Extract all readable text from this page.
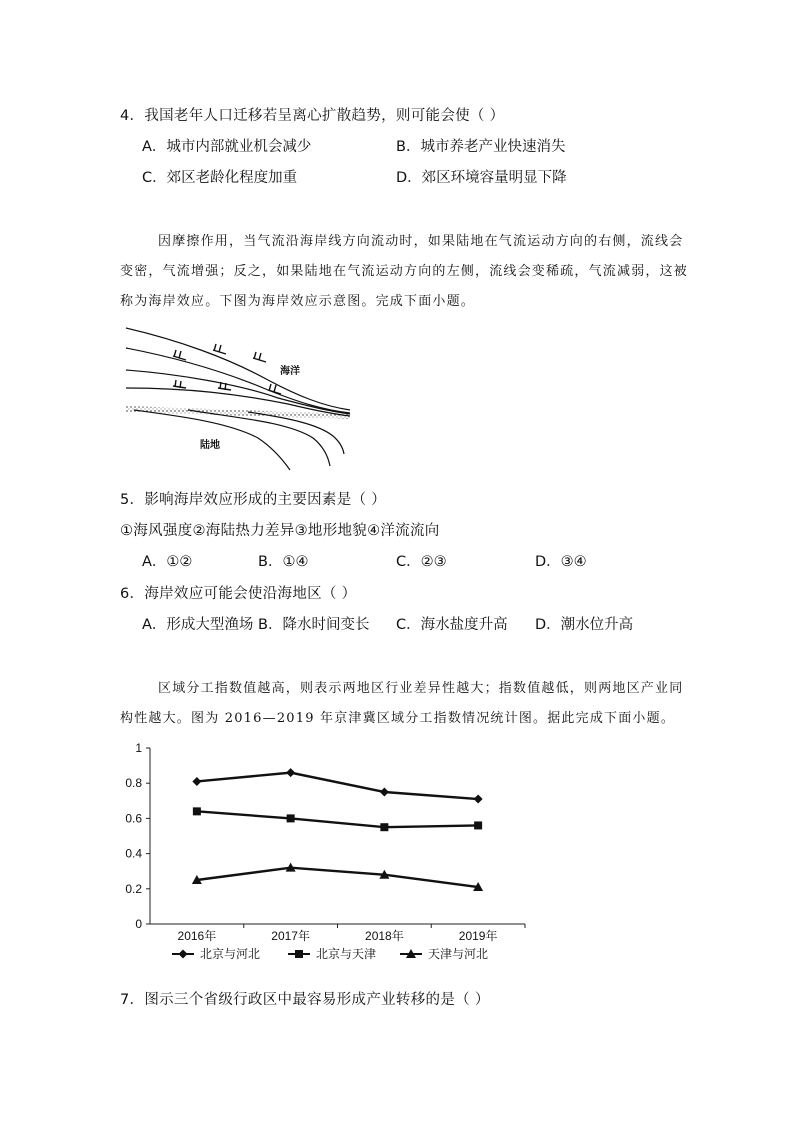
4．我国老年人口迁移若呈离心扩散趋势，则可能会使（ ）
A．城市内部就业机会减少	B．城市养老产业快速消失
C．郊区老龄化程度加重	D．郊区环境容量明显下降
因摩擦作用，当气流沿海岸线方向流动时，如果陆地在气流运动方向的右侧，流线会
变密，气流增强；反之，如果陆地在气流运动方向的左侧，流线会变稀疏，气流减弱，这被
称为海岸效应。下图为海岸效应示意图。完成下面小题。
海洋
陆地
5．影响海岸效应形成的主要因素是（ ）
①海风强度②海陆热力差异③地形地貌④洋流流向
A．①②	B．①④	C．②③	D．③④
6．海岸效应可能会使沿海地区（ ）
A．形成大型渔场 B．降水时间变长 C．海水盐度升高 D．潮水位升高
区域分工指数值越高，则表示两地区行业差异性越大；指数值越低，则两地区产业同
构性越大。图为 2016—2019 年京津冀区域分工指数情况统计图。据此完成下面小题。
0
0.2
0.4
0.6
0.8
1
2016年	2017年	2018年	2019年
北京与河北	北京与天津	天津与河北
7．图示三个省级行政区中最容易形成产业转移的是（ ）
